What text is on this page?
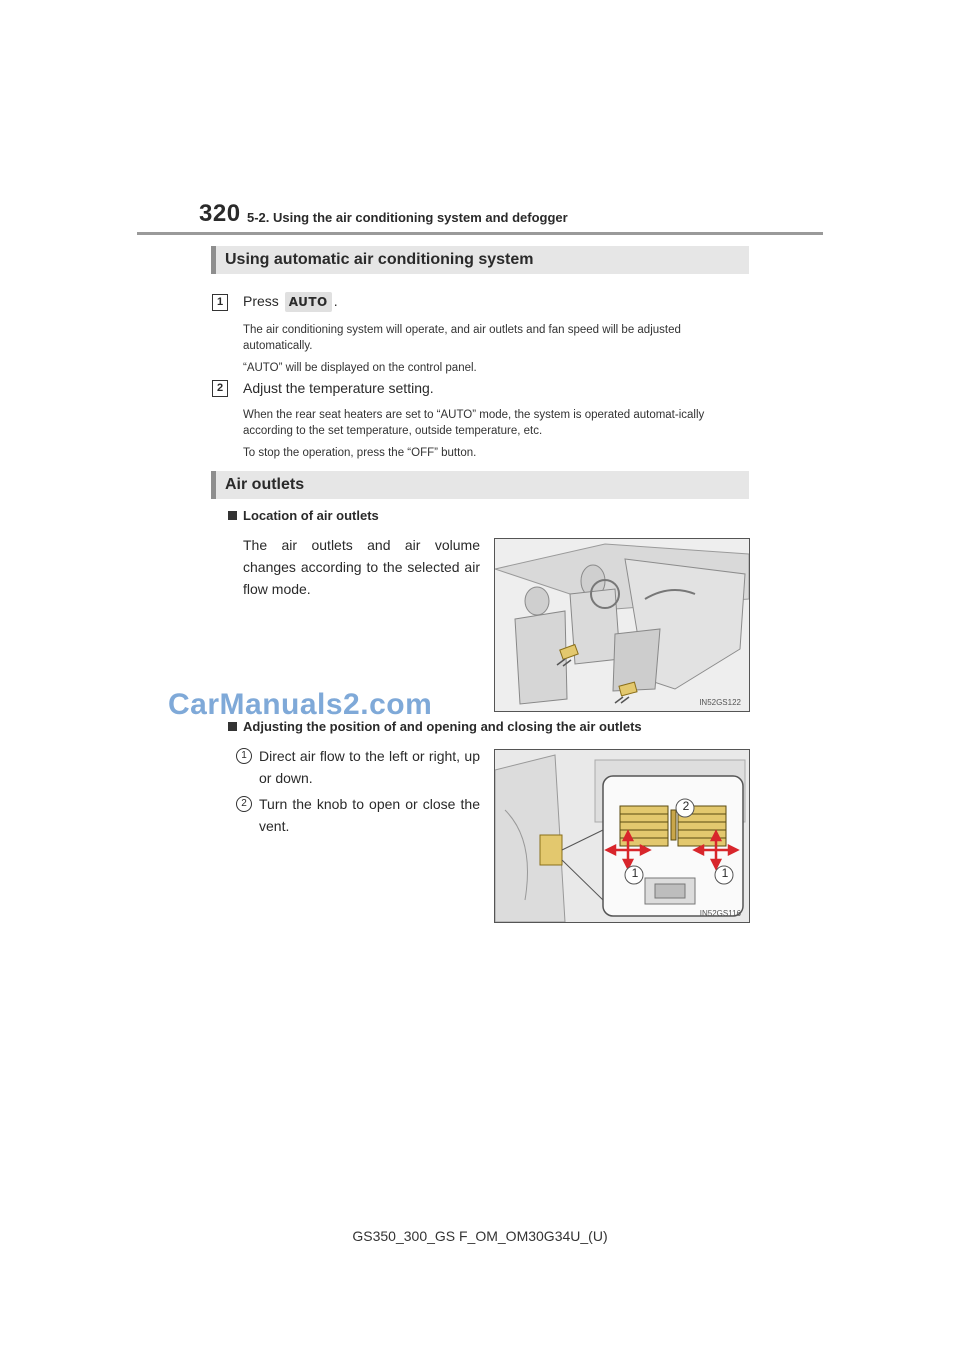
320 5-2. Using the air conditioning system and defogger
Using automatic air conditioning system
1	Press AUTO .
The air conditioning system will operate, and air outlets and fan speed will be adjusted automatically.
“AUTO” will be displayed on the control panel.
2	Adjust the temperature setting.
When the rear seat heaters are set to “AUTO” mode, the system is operated automat-ically according to the set temperature, outside temperature, etc.
To stop the operation, press the “OFF” button.
Air outlets
Location of air outlets
The air outlets and air volume changes according to the selected air flow mode.
IN52GS122
CarManuals2.com
Adjusting the position of and opening and closing the air outlets
1 Direct air flow to the left or right, up or down.
2 Turn the knob to open or close the vent.
2
1	1
IN52GS116
GS350_300_GS F_OM_OM30G34U_(U)
